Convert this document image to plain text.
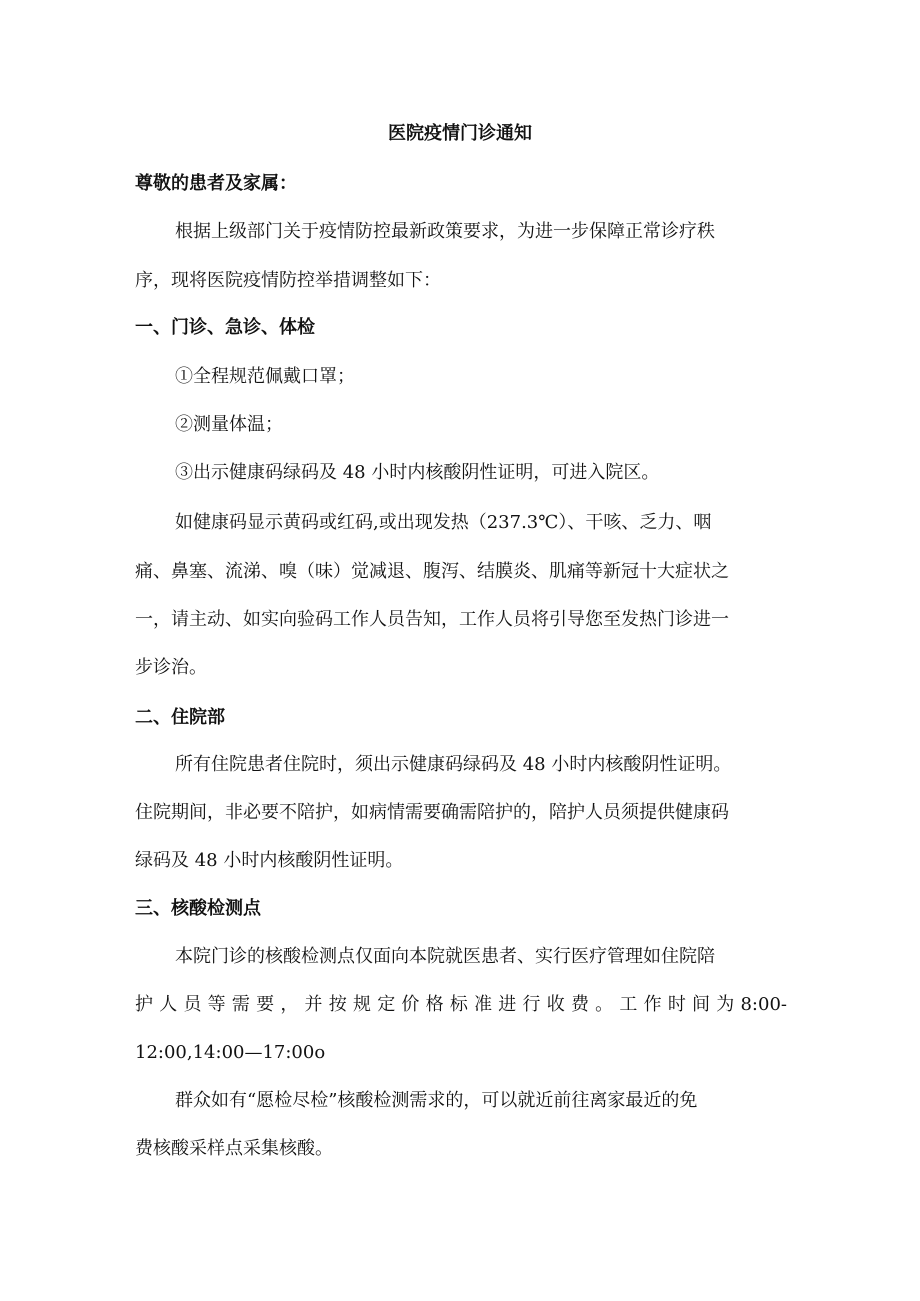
医院疫情门诊通知
尊敬的患者及家属：
根据上级部门关于疫情防控最新政策要求，为进一步保障正常诊疗秩
序，现将医院疫情防控举措调整如下：
一、门诊、急诊、体检
①全程规范佩戴口罩；
②测量体温；
③出示健康码绿码及 48 小时内核酸阴性证明，可进入院区。
如健康码显示黄码或红码,或出现发热（237.3℃）、干咳、乏力、咽
痛、鼻塞、流涕、嗅（味）觉减退、腹泻、结膜炎、肌痛等新冠十大症状之
一，请主动、如实向验码工作人员告知，工作人员将引导您至发热门诊进一
步诊治。
二、住院部
所有住院患者住院时，须出示健康码绿码及 48 小时内核酸阴性证明。
住院期间，非必要不陪护，如病情需要确需陪护的，陪护人员须提供健康码
绿码及 48 小时内核酸阴性证明。
三、核酸检测点
本院门诊的核酸检测点仅面向本院就医患者、实行医疗管理如住院陪
护 人 员 等 需 要 ， 并 按 规 定 价 格 标 准 进 行 收 费 。 工 作 时 间 为 8:00-
12:00,14:00—17:00o
群众如有“愿检尽检”核酸检测需求的，可以就近前往离家最近的免
费核酸采样点采集核酸。
